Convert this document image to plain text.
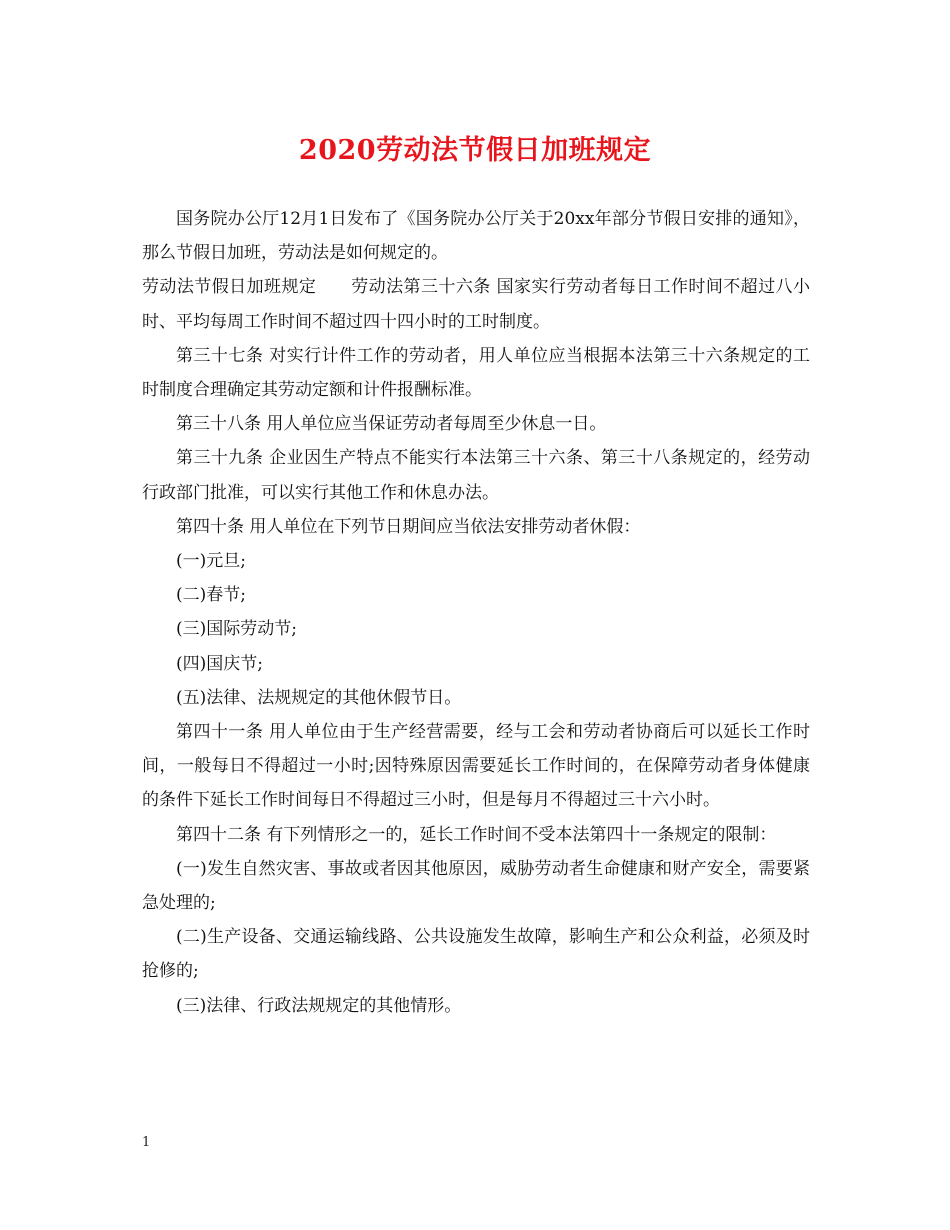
2020劳动法节假日加班规定

国务院办公厅12月1日发布了《国务院办公厅关于20xx年部分节假日安排的通知》，那么节假日加班，劳动法是如何规定的。

劳动法节假日加班规定　　劳动法第三十六条 国家实行劳动者每日工作时间不超过八小时、平均每周工作时间不超过四十四小时的工时制度。

第三十七条 对实行计件工作的劳动者，用人单位应当根据本法第三十六条规定的工时制度合理确定其劳动定额和计件报酬标准。

第三十八条 用人单位应当保证劳动者每周至少休息一日。

第三十九条 企业因生产特点不能实行本法第三十六条、第三十八条规定的，经劳动行政部门批准，可以实行其他工作和休息办法。

第四十条 用人单位在下列节日期间应当依法安排劳动者休假：

(一)元旦;

(二)春节;

(三)国际劳动节;

(四)国庆节;

(五)法律、法规规定的其他休假节日。

第四十一条 用人单位由于生产经营需要，经与工会和劳动者协商后可以延长工作时间，一般每日不得超过一小时;因特殊原因需要延长工作时间的，在保障劳动者身体健康的条件下延长工作时间每日不得超过三小时，但是每月不得超过三十六小时。

第四十二条 有下列情形之一的，延长工作时间不受本法第四十一条规定的限制：

(一)发生自然灾害、事故或者因其他原因，威胁劳动者生命健康和财产安全，需要紧急处理的;

(二)生产设备、交通运输线路、公共设施发生故障，影响生产和公众利益，必须及时抢修的;

(三)法律、行政法规规定的其他情形。

1
